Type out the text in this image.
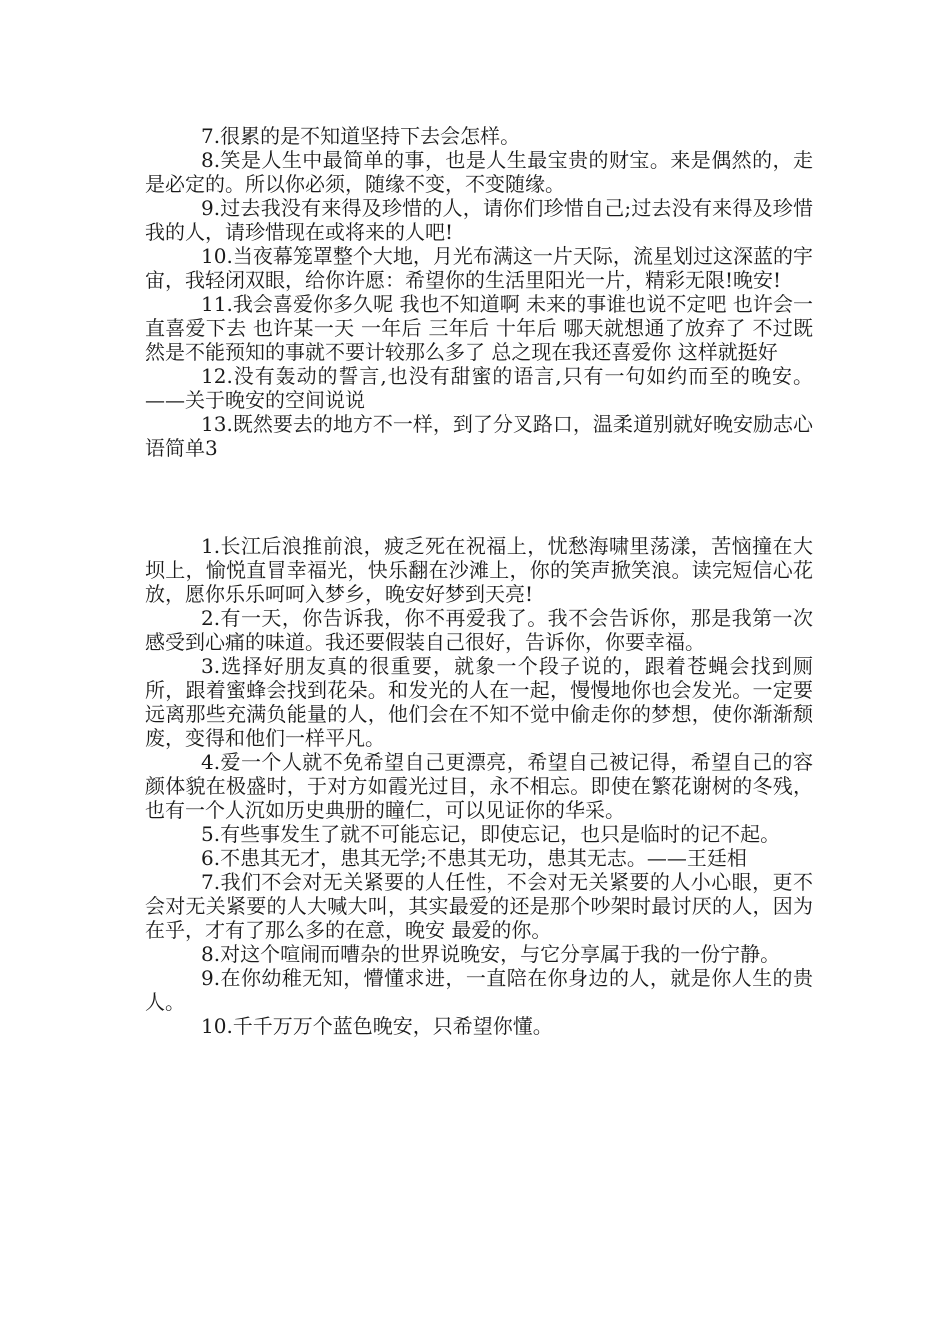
7.很累的是不知道坚持下去会怎样。

8.笑是人生中最简单的事，也是人生最宝贵的财宝。来是偶然的，走是必定的。所以你必须，随缘不变，不变随缘。

9.过去我没有来得及珍惜的人，请你们珍惜自己;过去没有来得及珍惜我的人，请珍惜现在或将来的人吧!

10.当夜幕笼罩整个大地，月光布满这一片天际，流星划过这深蓝的宇宙，我轻闭双眼，给你许愿：希望你的生活里阳光一片，精彩无限!晚安!

11.我会喜爱你多久呢 我也不知道啊 未来的事谁也说不定吧 也许会一直喜爱下去 也许某一天 一年后 三年后 十年后 哪天就想通了放弃了 不过既然是不能预知的事就不要计较那么多了 总之现在我还喜爱你 这样就挺好

12.没有轰动的誓言,也没有甜蜜的语言,只有一句如约而至的晚安。——关于晚安的空间说说

13.既然要去的地方不一样，到了分叉路口，温柔道别就好晚安励志心语简单3

1.长江后浪推前浪，疲乏死在祝福上，忧愁海啸里荡漾，苦恼撞在大坝上，愉悦直冒幸福光，快乐翻在沙滩上，你的笑声掀笑浪。读完短信心花放，愿你乐乐呵呵入梦乡，晚安好梦到天亮!

2.有一天，你告诉我，你不再爱我了。我不会告诉你，那是我第一次感受到心痛的味道。我还要假装自己很好，告诉你，你要幸福。

3.选择好朋友真的很重要，就象一个段子说的，跟着苍蝇会找到厕所，跟着蜜蜂会找到花朵。和发光的人在一起，慢慢地你也会发光。一定要远离那些充满负能量的人，他们会在不知不觉中偷走你的梦想，使你渐渐颓废，变得和他们一样平凡。

4.爱一个人就不免希望自己更漂亮，希望自己被记得，希望自己的容颜体貌在极盛时，于对方如霞光过目，永不相忘。即使在繁花谢树的冬残，也有一个人沉如历史典册的瞳仁，可以见证你的华采。

5.有些事发生了就不可能忘记，即使忘记，也只是临时的记不起。

6.不患其无才，患其无学;不患其无功，患其无志。——王廷相

7.我们不会对无关紧要的人任性，不会对无关紧要的人小心眼，更不会对无关紧要的人大喊大叫，其实最爱的还是那个吵架时最讨厌的人，因为在乎，才有了那么多的在意，晚安 最爱的你。

8.对这个喧闹而嘈杂的世界说晚安，与它分享属于我的一份宁静。

9.在你幼稚无知，懵懂求进，一直陪在你身边的人，就是你人生的贵人。

10.千千万万个蓝色晚安，只希望你懂。
